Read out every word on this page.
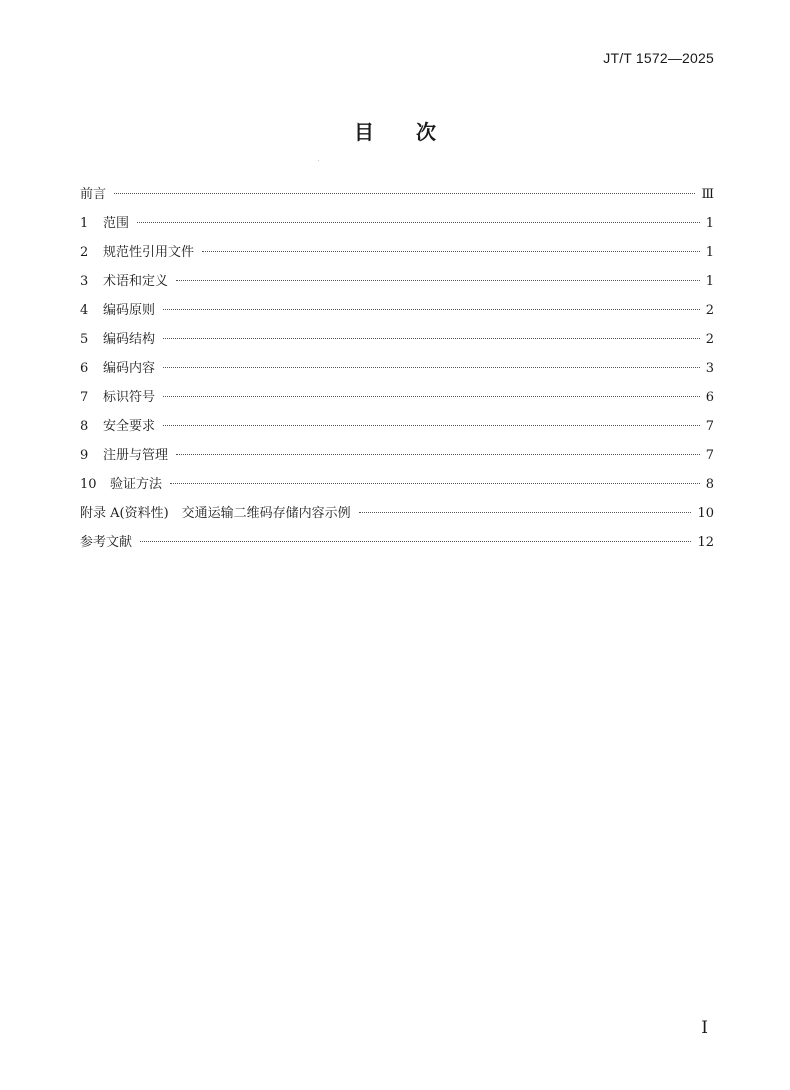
JT/T 1572—2025
目次
前言	Ⅲ
1	范围	1
2	规范性引用文件	1
3	术语和定义	1
4	编码原则	2
5	编码结构	2
6	编码内容	3
7	标识符号	6
8	安全要求	7
9	注册与管理	7
10	验证方法	8
附录 A(资料性)　交通运输二维码存储内容示例	10
参考文献	12
I
